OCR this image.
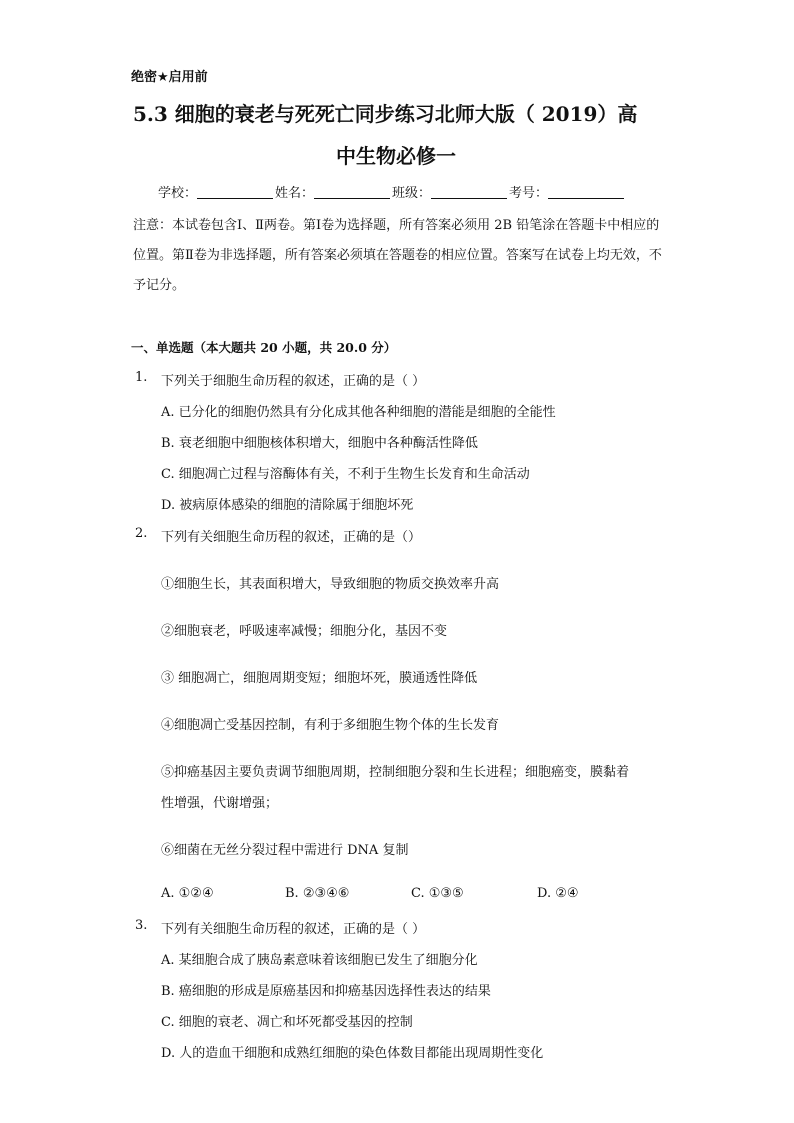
绝密★启用前
5.3 细胞的衰老与死死亡同步练习北师大版（ 2019）高
中生物必修一
学校：	姓名：	班级：	考号：
注意：本试卷包含Ⅰ、Ⅱ两卷。第Ⅰ卷为选择题，所有答案必须用 2B 铅笔涂在答题卡中相应的位置。第Ⅱ卷为非选择题，所有答案必须填在答题卷的相应位置。答案写在试卷上均无效，不予记分。
一、单选题（本大题共 20 小题，共 20.0 分）
1. 下列关于细胞生命历程的叙述，正确的是（ ）
A. 已分化的细胞仍然具有分化成其他各种细胞的潜能是细胞的全能性
B. 衰老细胞中细胞核体积增大，细胞中各种酶活性降低
C. 细胞凋亡过程与溶酶体有关，不利于生物生长发育和生命活动
D. 被病原体感染的细胞的清除属于细胞坏死
2. 下列有关细胞生命历程的叙述，正确的是（）
①细胞生长，其表面积增大，导致细胞的物质交换效率升高
②细胞衰老，呼吸速率减慢；细胞分化，基因不变
③ 细胞凋亡，细胞周期变短；细胞坏死，膜通透性降低
④细胞凋亡受基因控制，有利于多细胞生物个体的生长发育
⑤抑癌基因主要负责调节细胞周期，控制细胞分裂和生长进程；细胞癌变，膜黏着
性增强，代谢增强；
⑥细菌在无丝分裂过程中需进行 DNA 复制
A. ①②④	B. ②③④⑥	C. ①③⑤	D. ②④
3. 下列有关细胞生命历程的叙述，正确的是（ ）
A. 某细胞合成了胰岛素意味着该细胞已发生了细胞分化
B. 癌细胞的形成是原癌基因和抑癌基因选择性表达的结果
C. 细胞的衰老、凋亡和坏死都受基因的控制
D. 人的造血干细胞和成熟红细胞的染色体数目都能出现周期性变化
